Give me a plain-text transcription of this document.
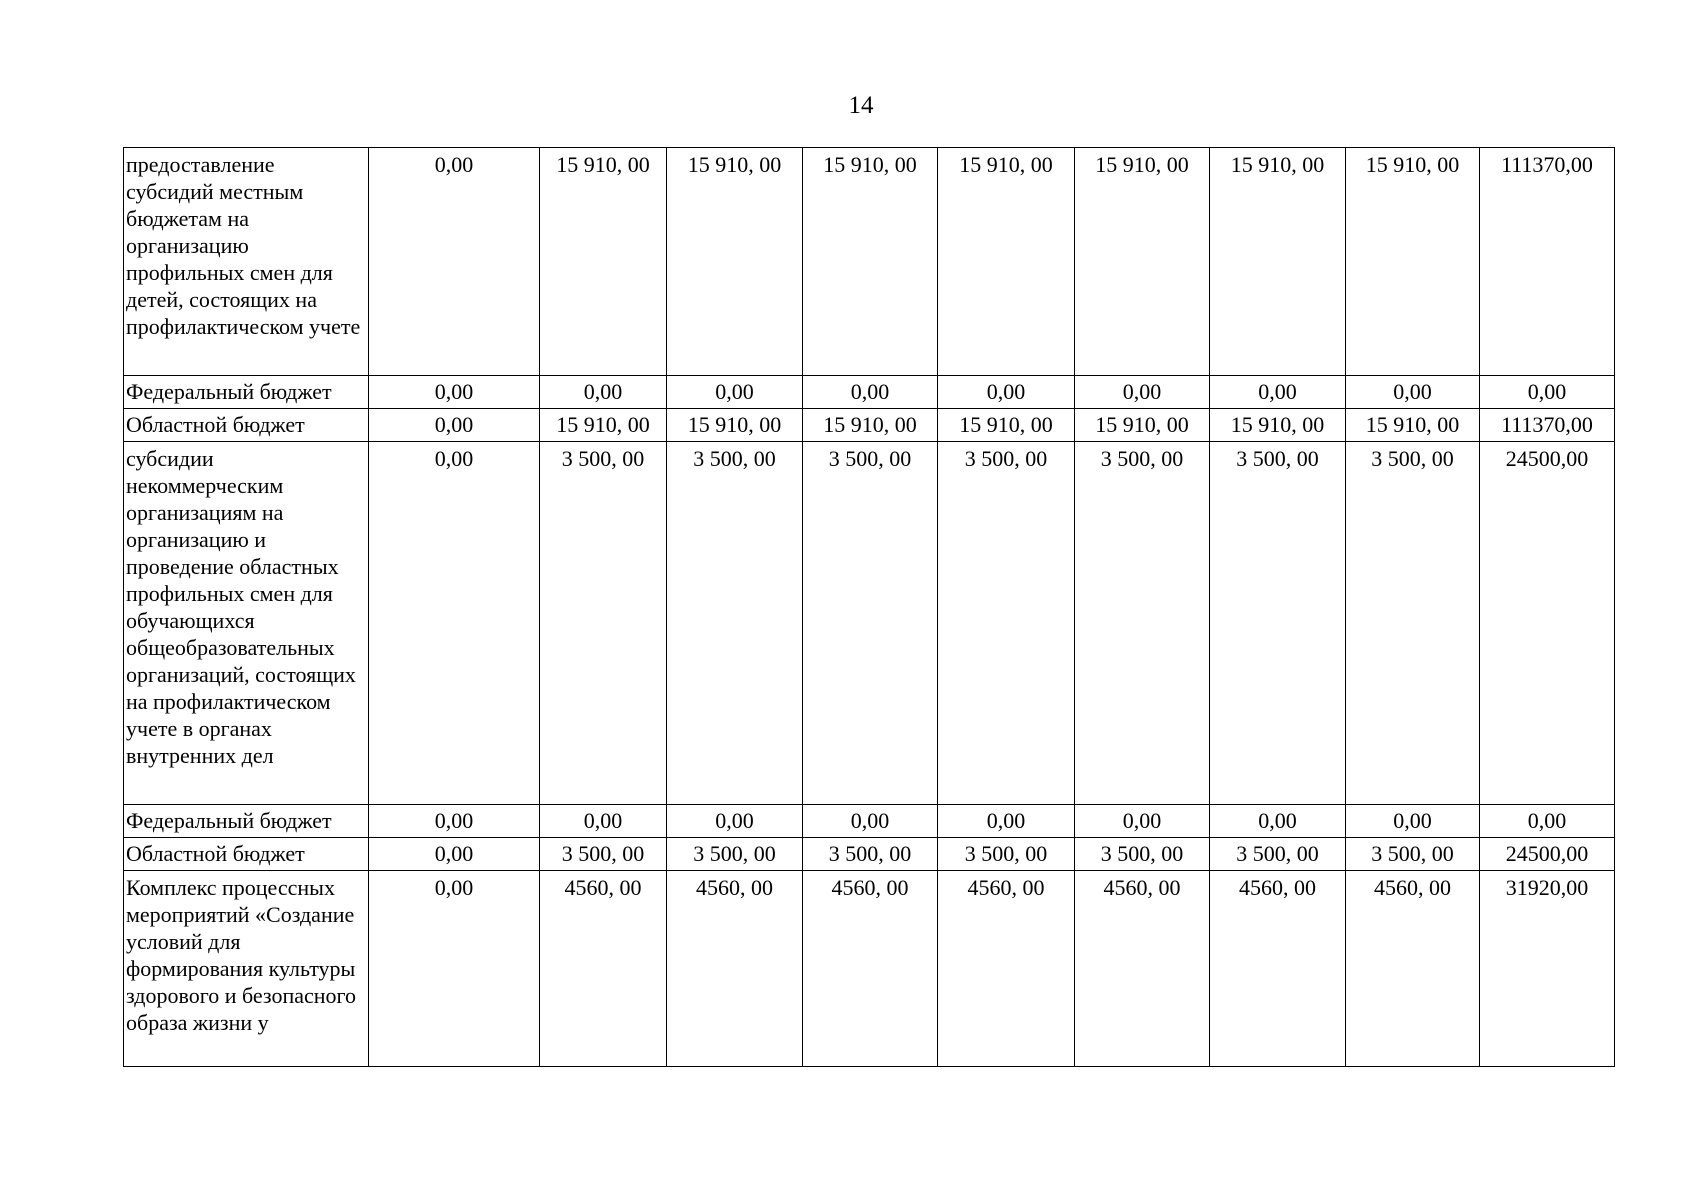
14
предоставление субсидий местным бюджетам на организацию профильных смен для детей, состоящих на профилактическом учете	0,00	15 910, 00	15 910, 00	15 910, 00	15 910, 00	15 910, 00	15 910, 00	15 910, 00	111370,00
Федеральный бюджет	0,00	0,00	0,00	0,00	0,00	0,00	0,00	0,00	0,00
Областной бюджет	0,00	15 910, 00	15 910, 00	15 910, 00	15 910, 00	15 910, 00	15 910, 00	15 910, 00	111370,00
субсидии некоммерческим организациям на организацию и проведение областных профильных смен для обучающихся общеобразовательных организаций, состоящих на профилактическом учете в органах внутренних дел	0,00	3 500, 00	3 500, 00	3 500, 00	3 500, 00	3 500, 00	3 500, 00	3 500, 00	24500,00
Федеральный бюджет	0,00	0,00	0,00	0,00	0,00	0,00	0,00	0,00	0,00
Областной бюджет	0,00	3 500, 00	3 500, 00	3 500, 00	3 500, 00	3 500, 00	3 500, 00	3 500, 00	24500,00
Комплекс процессных мероприятий «Создание условий для формирования культуры здорового и безопасного образа жизни у	0,00	4560, 00	4560, 00	4560, 00	4560, 00	4560, 00	4560, 00	4560, 00	31920,00
